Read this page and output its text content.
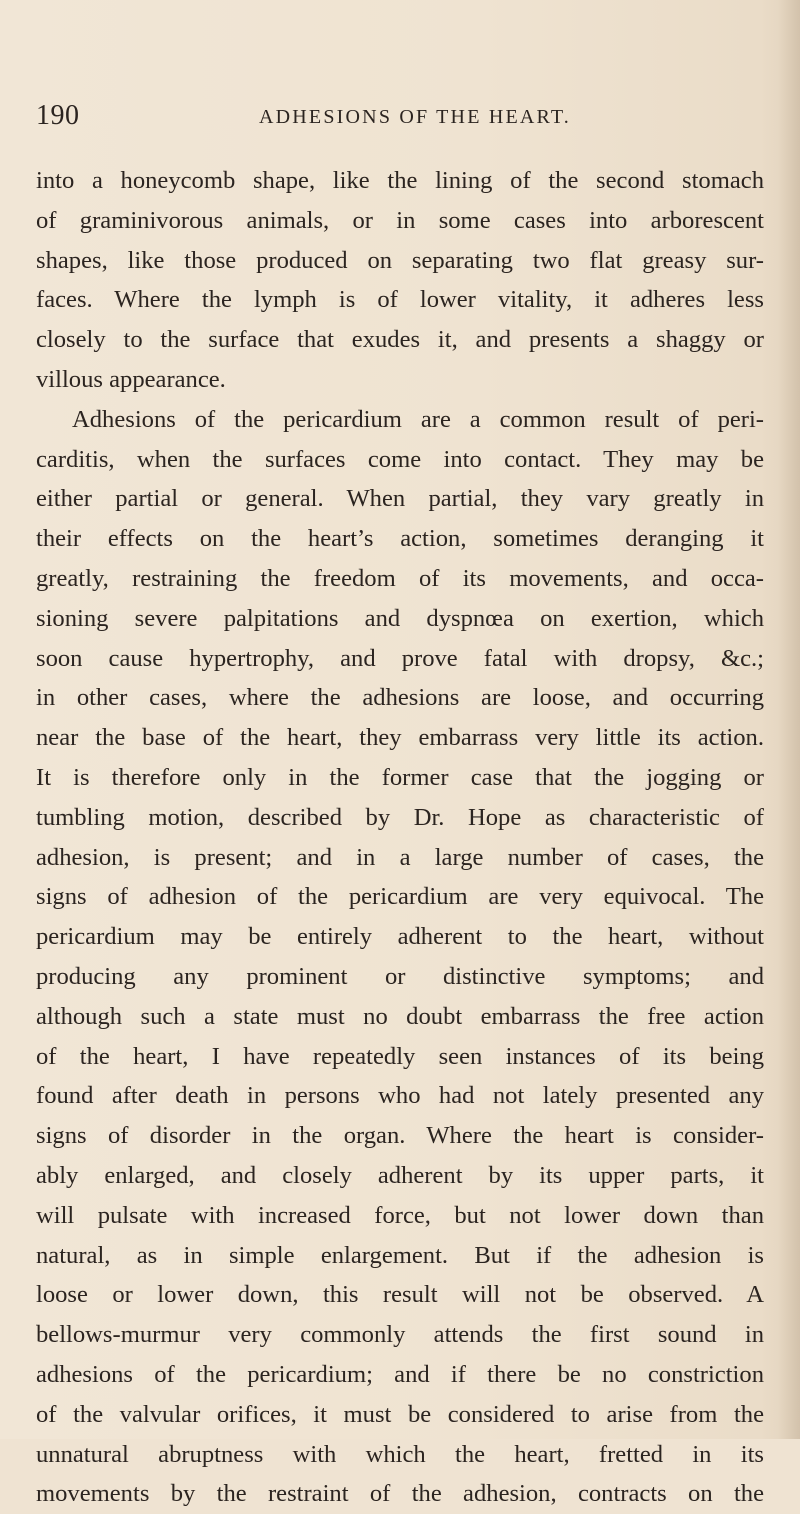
190	ADHESIONS OF THE HEART.
into a honeycomb shape, like the lining of the second stomach
of graminivorous animals, or in some cases into arborescent
shapes, like those produced on separating two flat greasy sur-
faces. Where the lymph is of lower vitality, it adheres less
closely to the surface that exudes it, and presents a shaggy or
villous appearance.
Adhesions of the pericardium are a common result of peri-
carditis, when the surfaces come into contact. They may be
either partial or general. When partial, they vary greatly in
their effects on the heart’s action, sometimes deranging it
greatly, restraining the freedom of its movements, and occa-
sioning severe palpitations and dyspnœa on exertion, which
soon cause hypertrophy, and prove fatal with dropsy, &c.;
in other cases, where the adhesions are loose, and occurring
near the base of the heart, they embarrass very little its action.
It is therefore only in the former case that the jogging or
tumbling motion, described by Dr. Hope as characteristic of
adhesion, is present; and in a large number of cases, the
signs of adhesion of the pericardium are very equivocal. The
pericardium may be entirely adherent to the heart, without
producing any prominent or distinctive symptoms; and
although such a state must no doubt embarrass the free action
of the heart, I have repeatedly seen instances of its being
found after death in persons who had not lately presented any
signs of disorder in the organ. Where the heart is consider-
ably enlarged, and closely adherent by its upper parts, it
will pulsate with increased force, but not lower down than
natural, as in simple enlargement. But if the adhesion is
loose or lower down, this result will not be observed. A
bellows-murmur very commonly attends the first sound in
adhesions of the pericardium; and if there be no constriction
of the valvular orifices, it must be considered to arise from the
unnatural abruptness with which the heart, fretted in its
movements by the restraint of the adhesion, contracts on the
